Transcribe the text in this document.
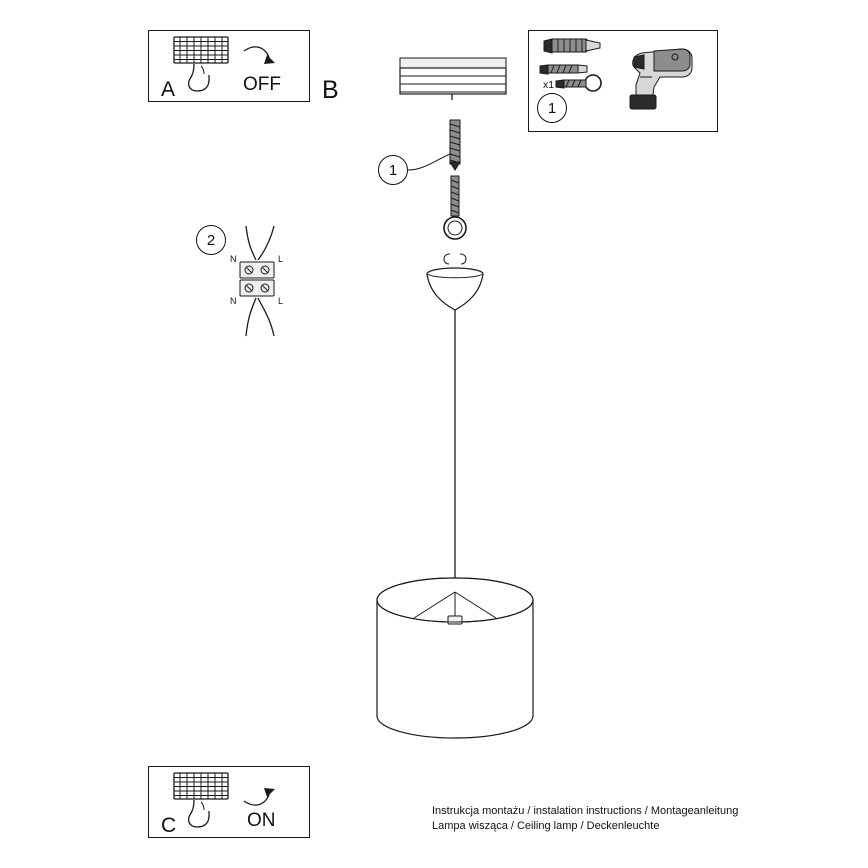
A	OFF
1
x1
B
1
2
N	L
N	L
C	ON	Instrukcja montażu / instalation instructions / Montageanleitung
Lampa wisząca / Ceiling lamp / Deckenleuchte
